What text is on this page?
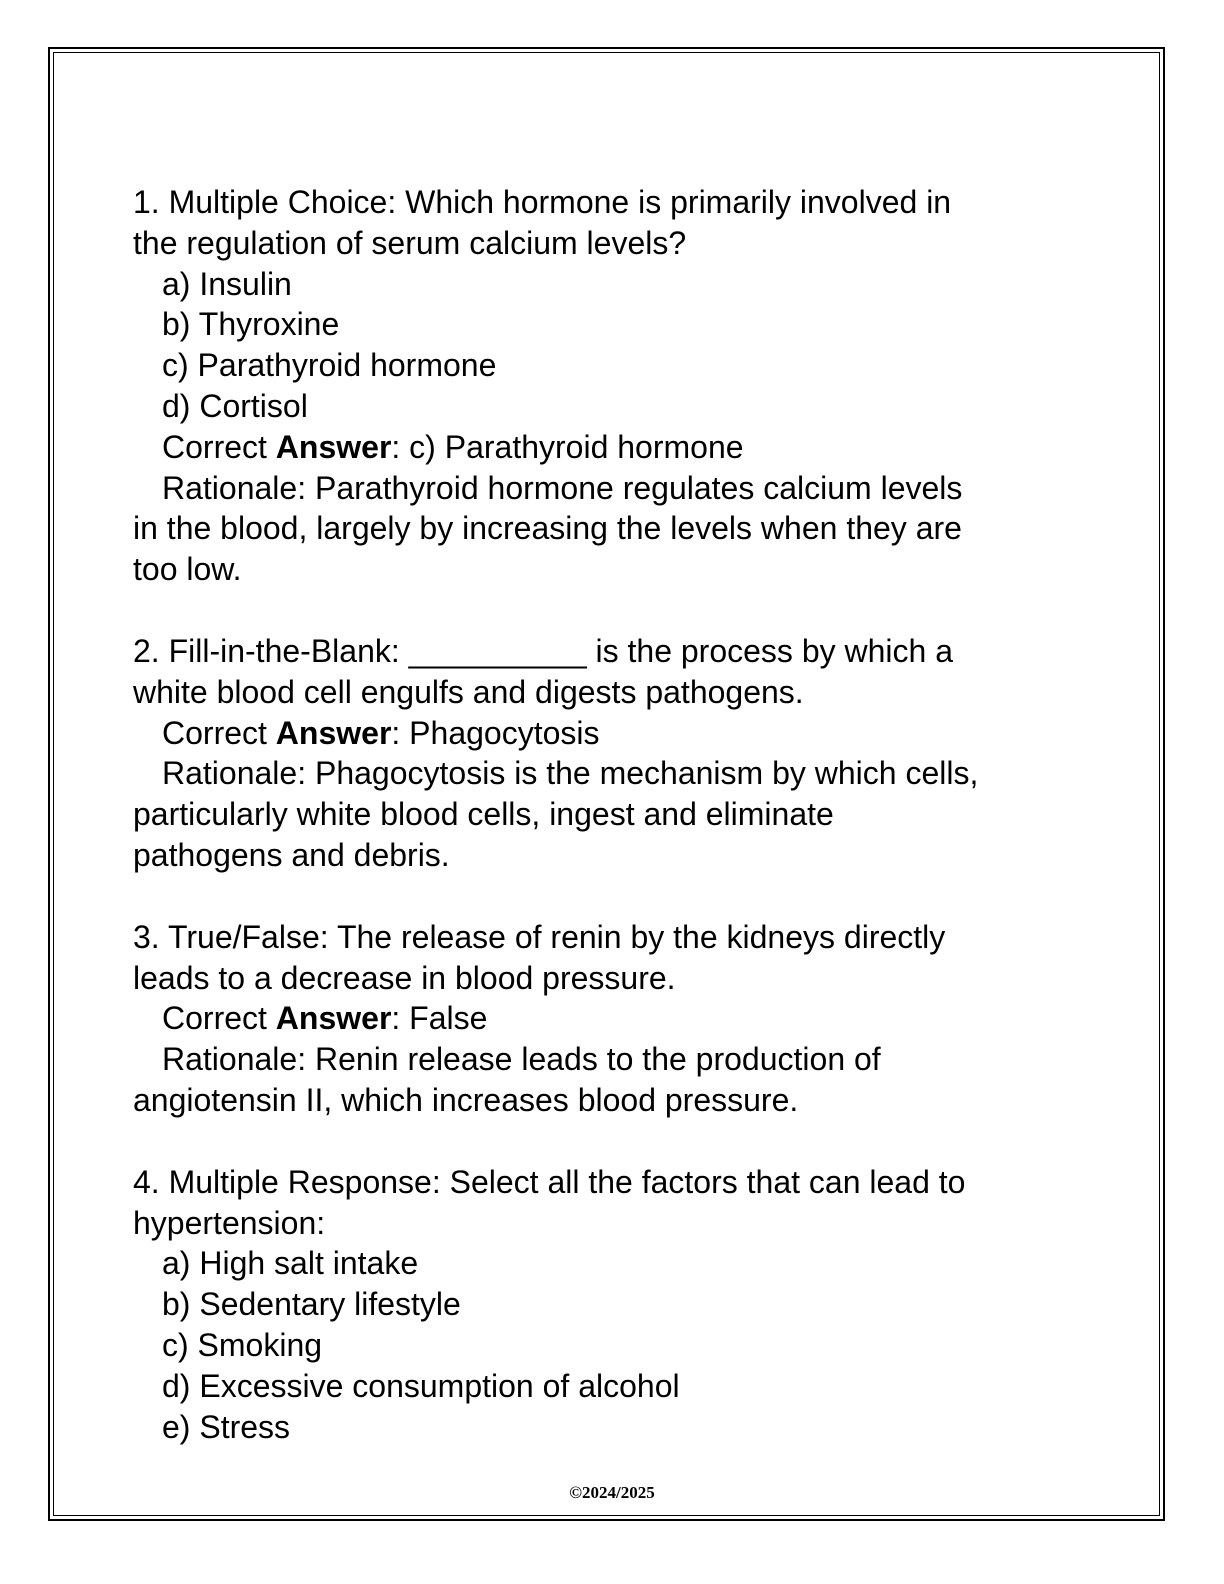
1. Multiple Choice: Which hormone is primarily involved in
the regulation of serum calcium levels?
a) Insulin
b) Thyroxine
c) Parathyroid hormone
d) Cortisol
Correct Answer: c) Parathyroid hormone
Rationale: Parathyroid hormone regulates calcium levels
in the blood, largely by increasing the levels when they are
too low.
2. Fill-in-the-Blank: __________ is the process by which a
white blood cell engulfs and digests pathogens.
Correct Answer: Phagocytosis
Rationale: Phagocytosis is the mechanism by which cells,
particularly white blood cells, ingest and eliminate
pathogens and debris.
3. True/False: The release of renin by the kidneys directly
leads to a decrease in blood pressure.
Correct Answer: False
Rationale: Renin release leads to the production of
angiotensin II, which increases blood pressure.
4. Multiple Response: Select all the factors that can lead to
hypertension:
a) High salt intake
b) Sedentary lifestyle
c) Smoking
d) Excessive consumption of alcohol
e) Stress
©2024/2025
